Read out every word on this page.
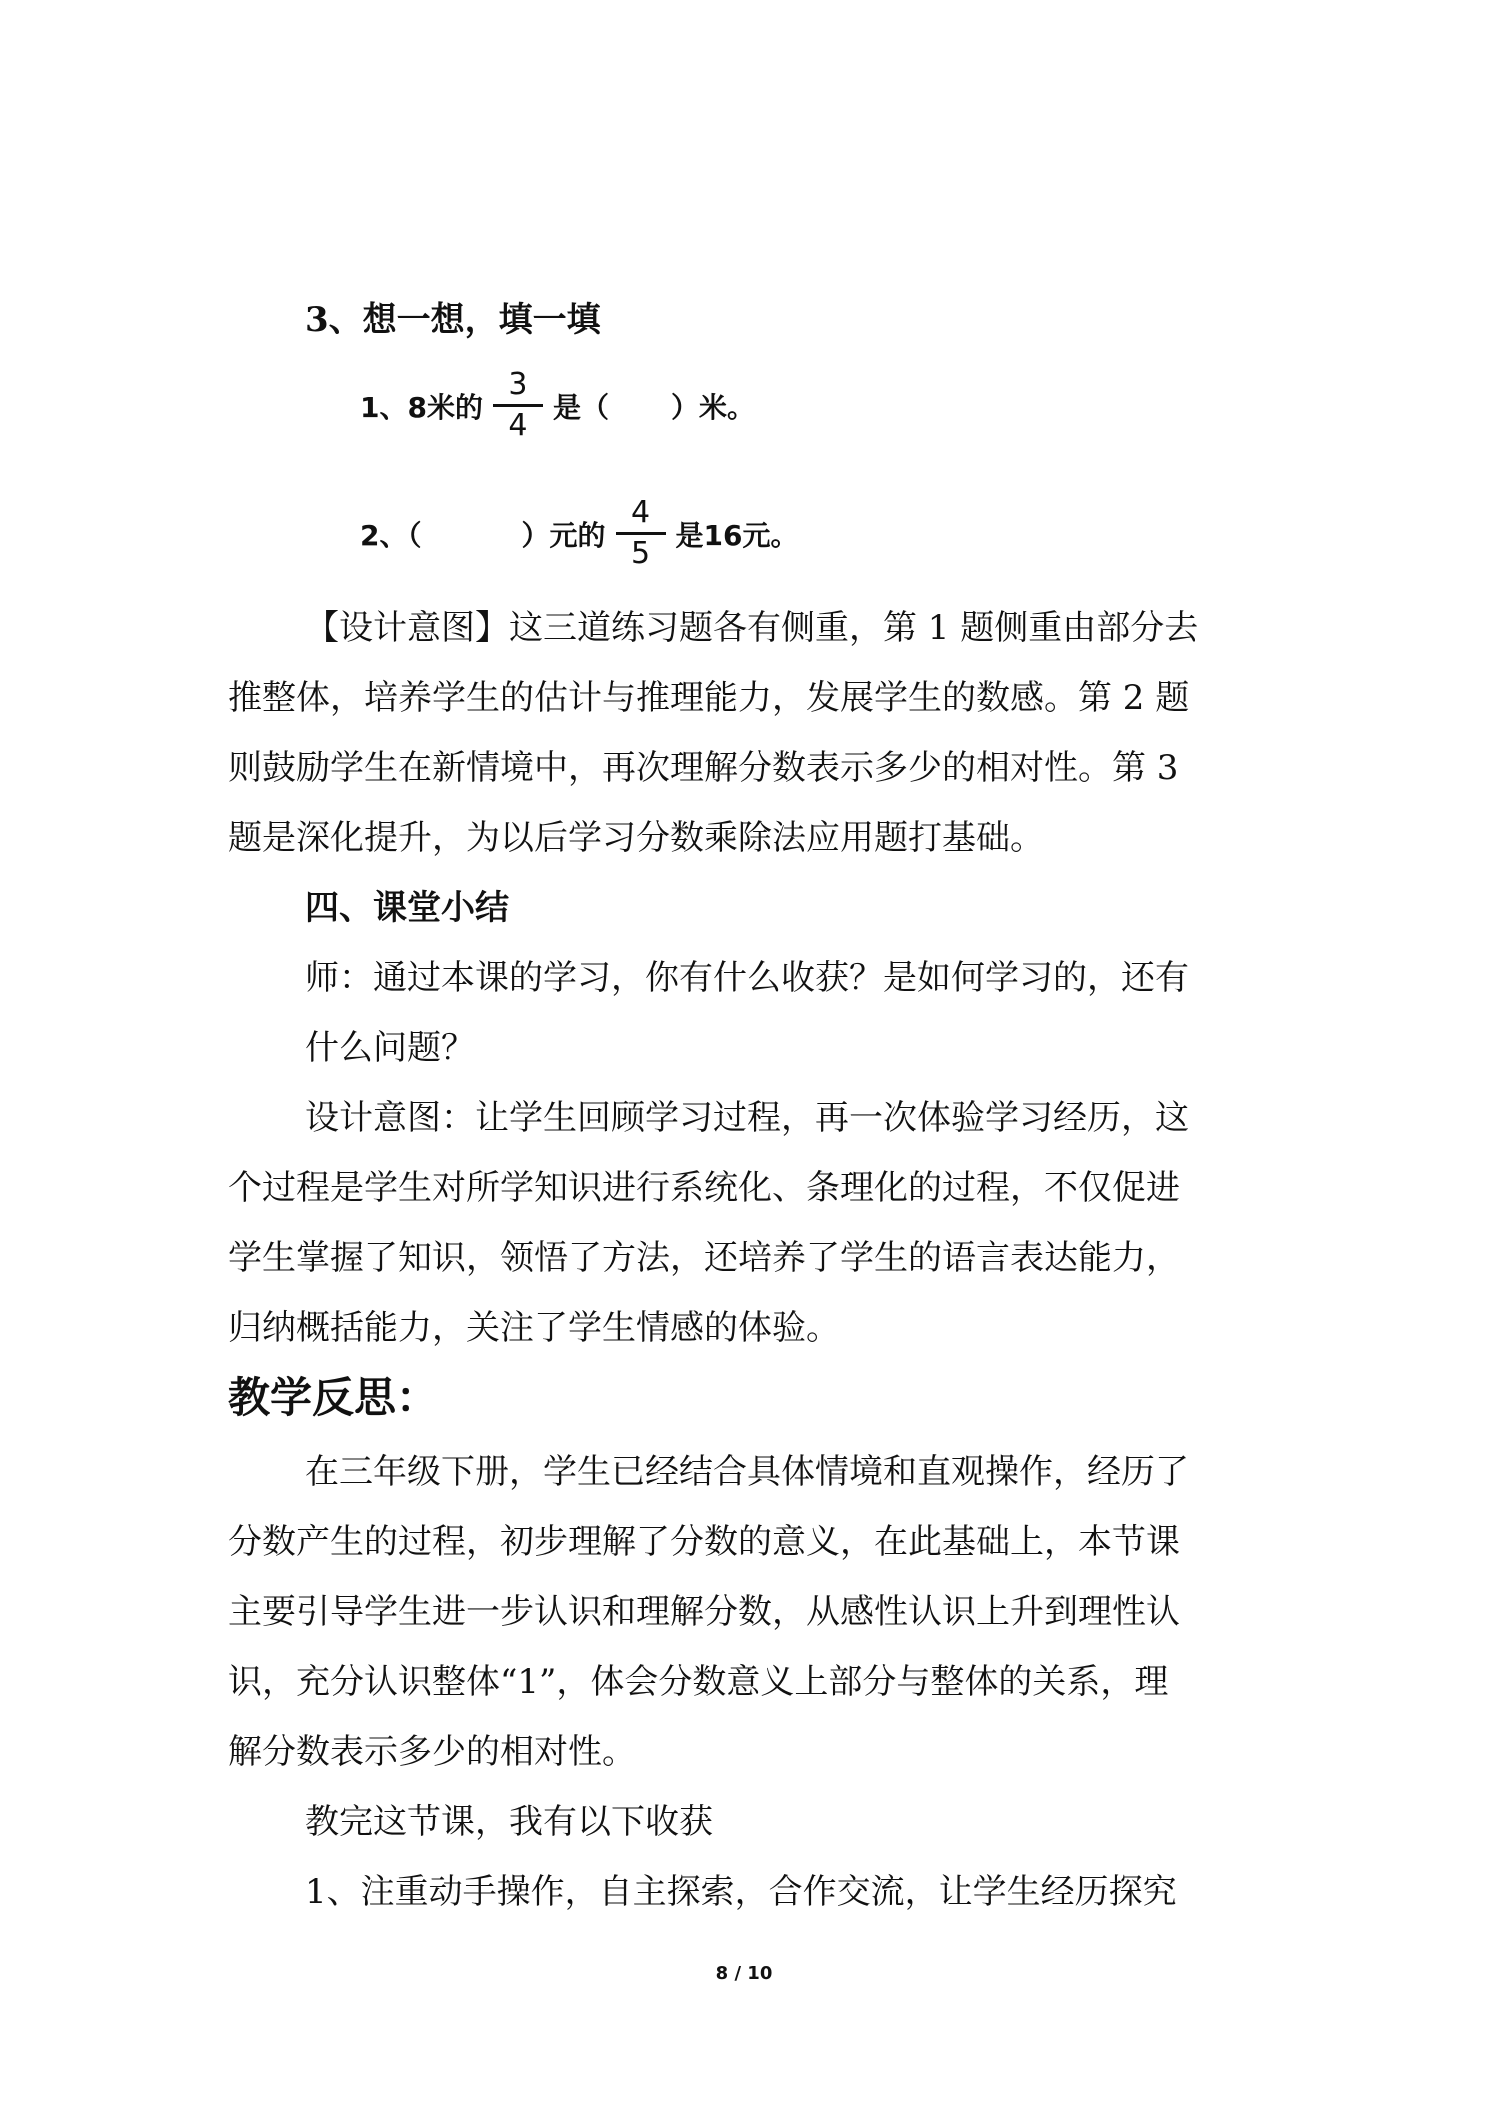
3、想一想，填一填
1、8米的 $\frac{3}{4}$ 是（ ）米。
2、（	）元的 $\frac{4}{5}$ 是16元。
【设计意图】这三道练习题各有侧重，第 1 题侧重由部分去
推整体，培养学生的估计与推理能力，发展学生的数感。第 2 题
则鼓励学生在新情境中，再次理解分数表示多少的相对性。第 3
题是深化提升，为以后学习分数乘除法应用题打基础。
四、课堂小结
师：通过本课的学习，你有什么收获？是如何学习的，还有
什么问题？
设计意图：让学生回顾学习过程，再一次体验学习经历，这
个过程是学生对所学知识进行系统化、条理化的过程，不仅促进
学生掌握了知识，领悟了方法，还培养了学生的语言表达能力，
归纳概括能力，关注了学生情感的体验。
教学反思：
在三年级下册，学生已经结合具体情境和直观操作，经历了
分数产生的过程，初步理解了分数的意义，在此基础上，本节课
主要引导学生进一步认识和理解分数，从感性认识上升到理性认
识，充分认识整体“1”，体会分数意义上部分与整体的关系，理
解分数表示多少的相对性。
教完这节课，我有以下收获
1、注重动手操作，自主探索，合作交流，让学生经历探究
8 / 10
